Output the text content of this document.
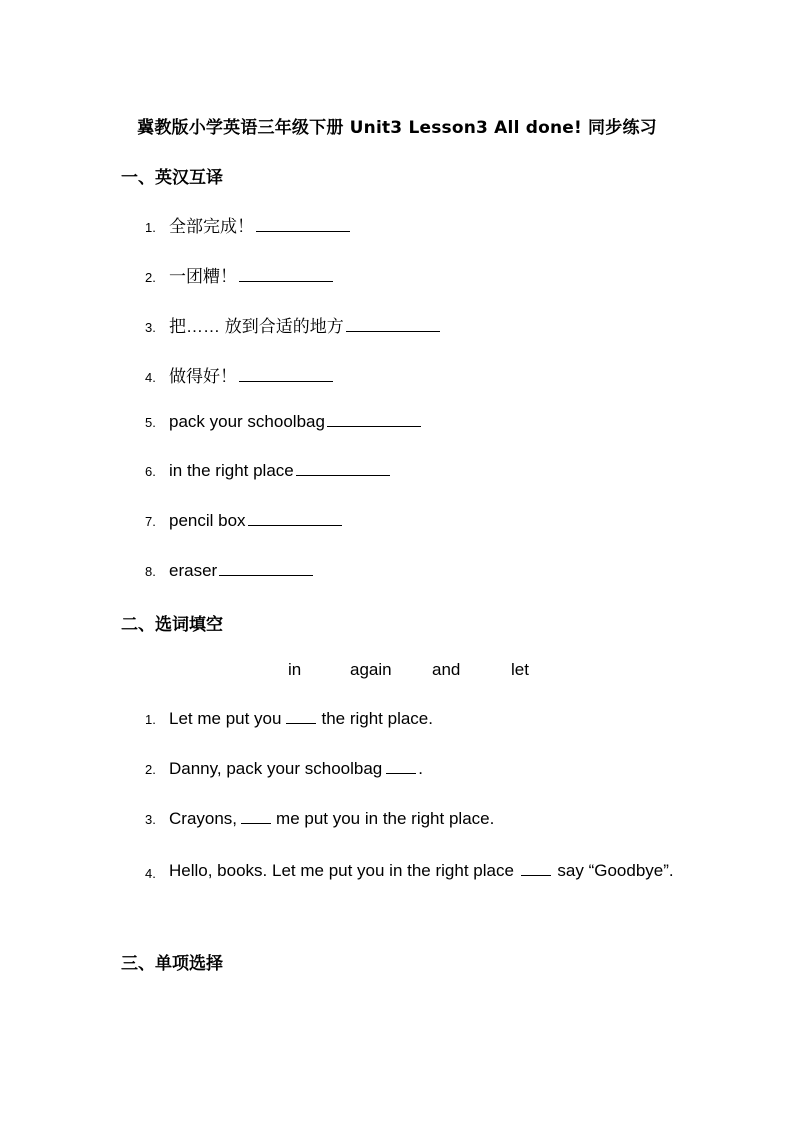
冀教版小学英语三年级下册 Unit3 Lesson3 All done! 同步练习
一、英汉互译
1. 全部完成！
2. 一团糟！
3. 把…… 放到合适的地方
4. 做得好！
5. pack your schoolbag
6. in the right place
7. pencil box
8. eraser
二、选词填空
in	again and	let
1. Let me put you the right place.
2. Danny, pack your schoolbag .
3. Crayons, me put you in the right place.
4. Hello, books. Let me put you in the right place	say “Goodbye”.
三、单项选择
